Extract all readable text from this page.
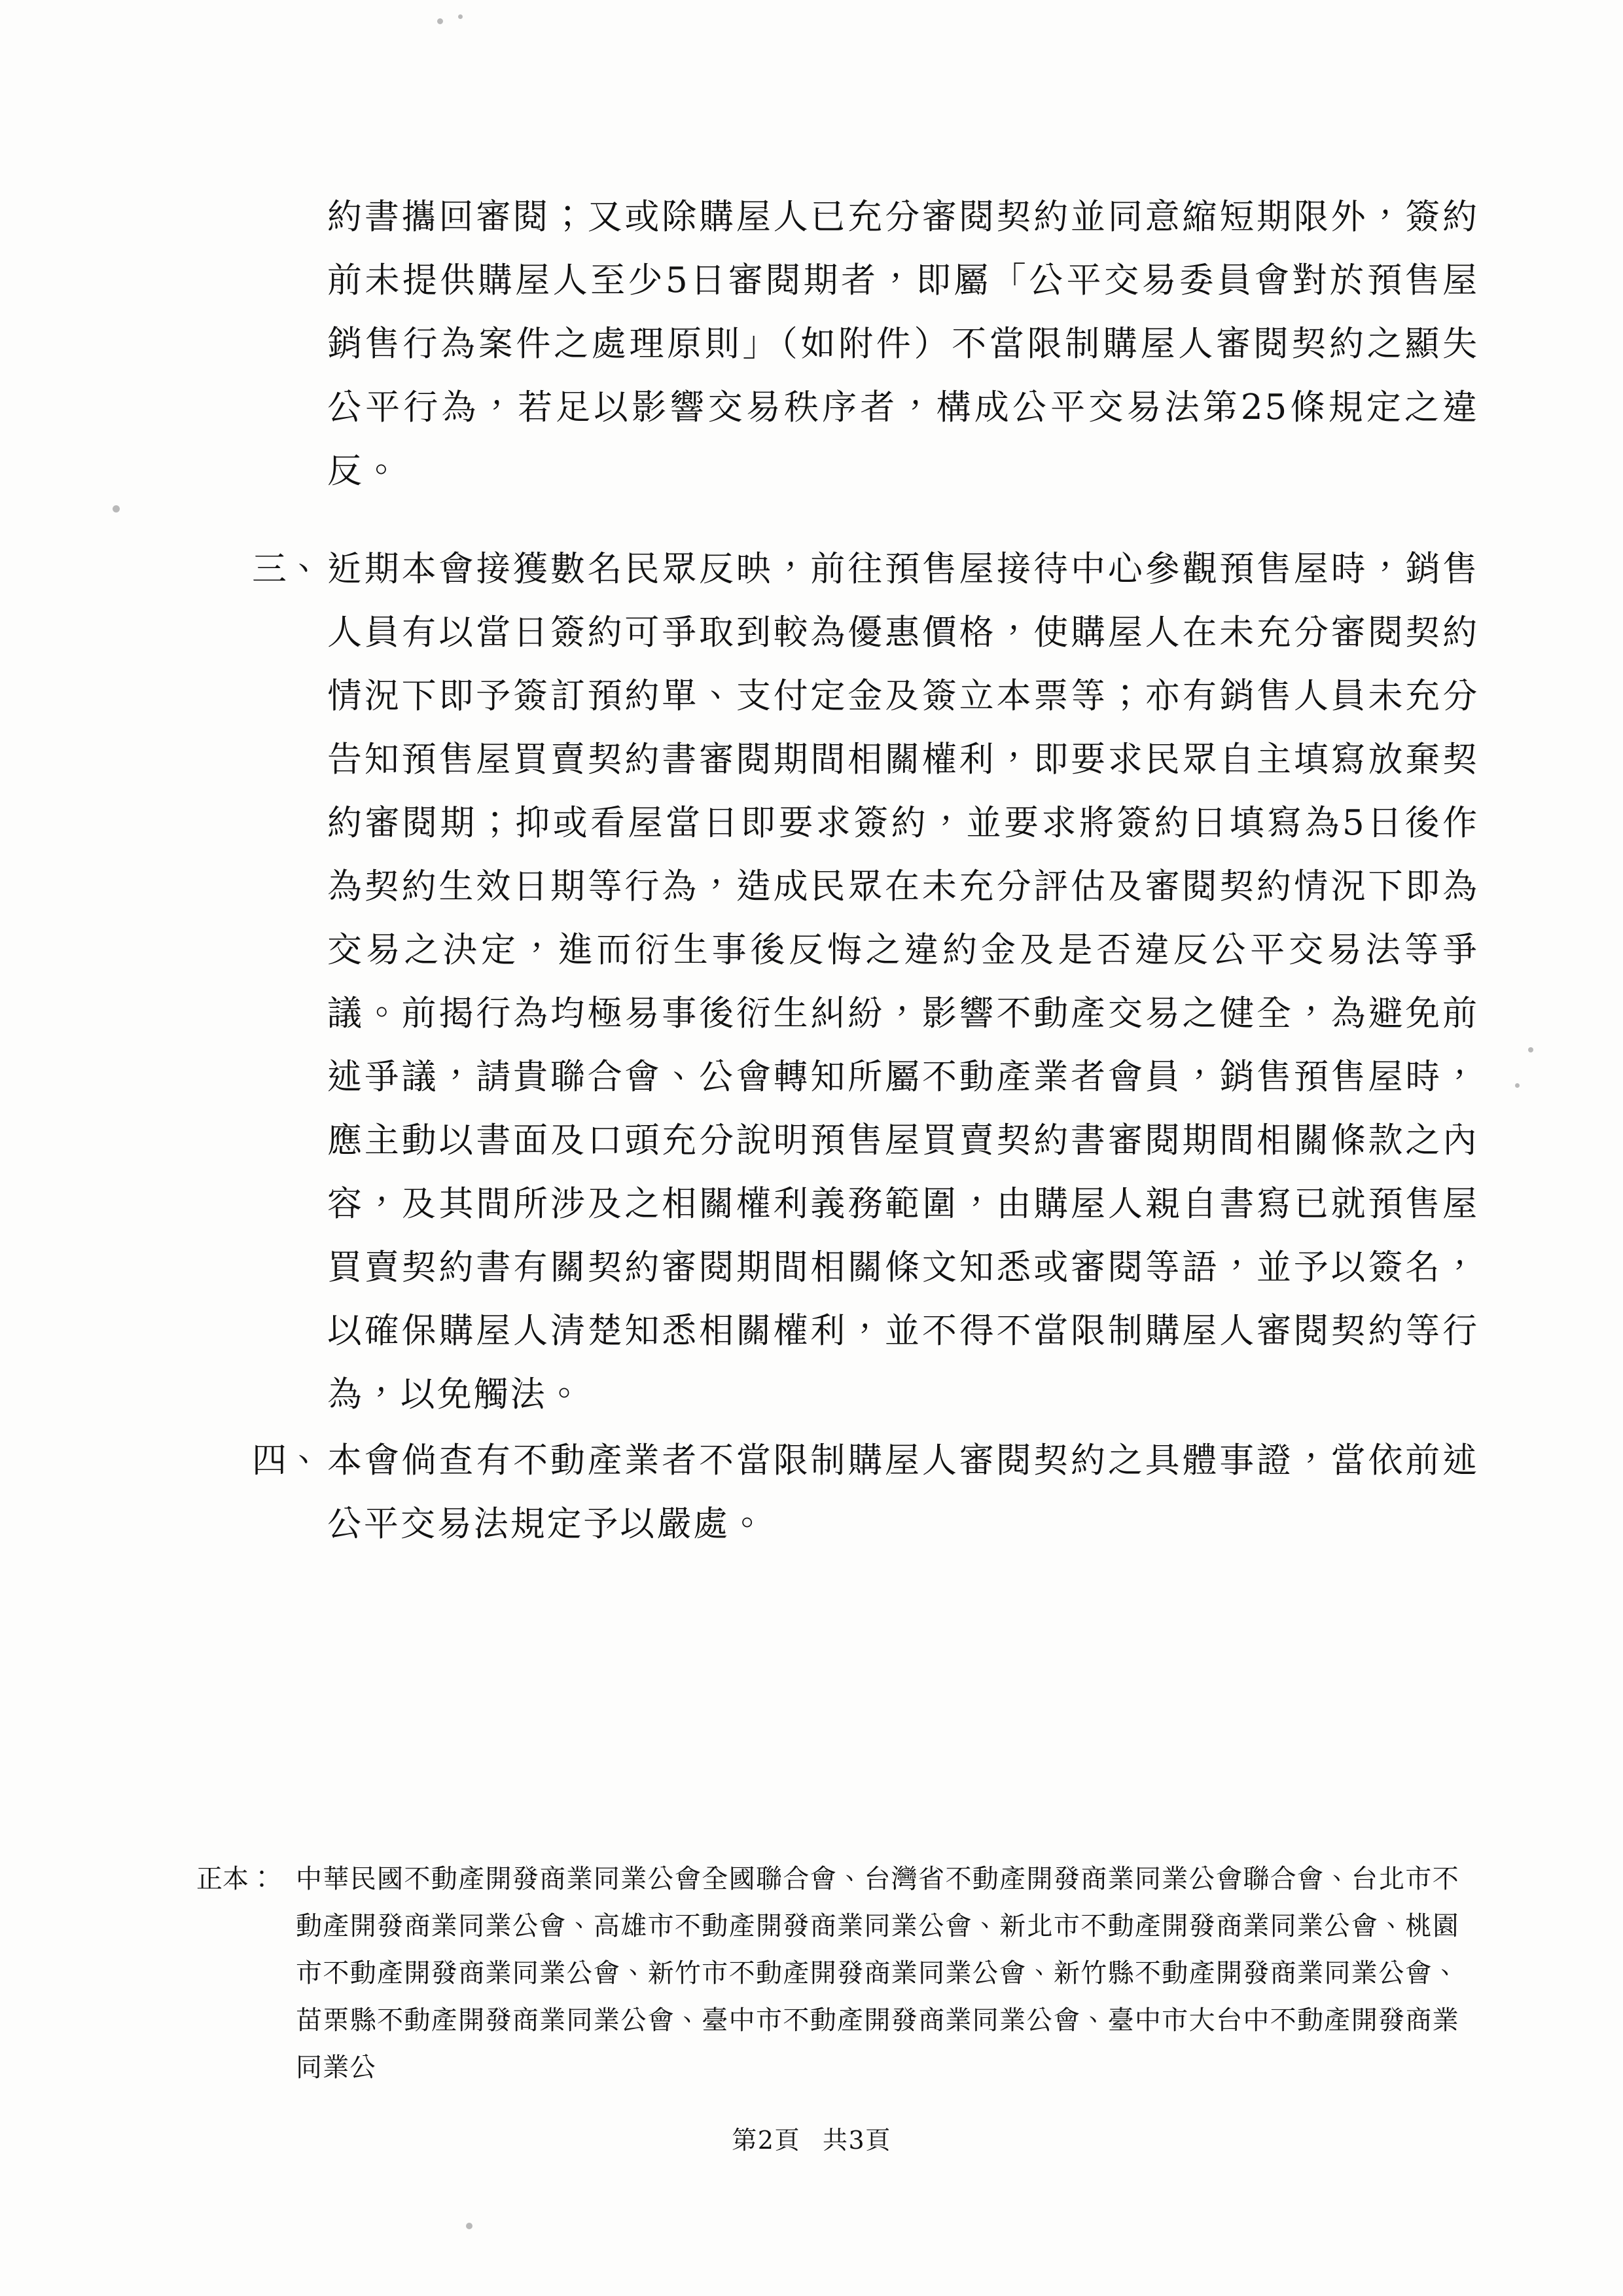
約書攜回審閱；又或除購屋人已充分審閱契約並同意縮短期限外，簽約前未提供購屋人至少5日審閱期者，即屬「公平交易委員會對於預售屋銷售行為案件之處理原則」（如附件）不當限制購屋人審閱契約之顯失公平行為，若足以影響交易秩序者，構成公平交易法第25條規定之違反。

三、 近期本會接獲數名民眾反映，前往預售屋接待中心參觀預售屋時，銷售人員有以當日簽約可爭取到較為優惠價格，使購屋人在未充分審閱契約情況下即予簽訂預約單、支付定金及簽立本票等；亦有銷售人員未充分告知預售屋買賣契約書審閱期間相關權利，即要求民眾自主填寫放棄契約審閱期；抑或看屋當日即要求簽約，並要求將簽約日填寫為5日後作為契約生效日期等行為，造成民眾在未充分評估及審閱契約情況下即為交易之決定，進而衍生事後反悔之違約金及是否違反公平交易法等爭議。前揭行為均極易事後衍生糾紛，影響不動產交易之健全，為避免前述爭議，請貴聯合會、公會轉知所屬不動產業者會員，銷售預售屋時，應主動以書面及口頭充分說明預售屋買賣契約書審閱期間相關條款之內容，及其間所涉及之相關權利義務範圍，由購屋人親自書寫已就預售屋買賣契約書有關契約審閱期間相關條文知悉或審閱等語，並予以簽名，以確保購屋人清楚知悉相關權利，並不得不當限制購屋人審閱契約等行為，以免觸法。
四、 本會倘查有不動產業者不當限制購屋人審閱契約之具體事證，當依前述公平交易法規定予以嚴處。
正本： 中華民國不動產開發商業同業公會全國聯合會、台灣省不動產開發商業同業公會聯合會、台北市不動產開發商業同業公會、高雄市不動產開發商業同業公會、新北市不動產開發商業同業公會、桃園市不動產開發商業同業公會、新竹市不動產開發商業同業公會、新竹縣不動產開發商業同業公會、苗栗縣不動產開發商業同業公會、臺中市不動產開發商業同業公會、臺中市大台中不動產開發商業同業公
第2頁 共3頁
